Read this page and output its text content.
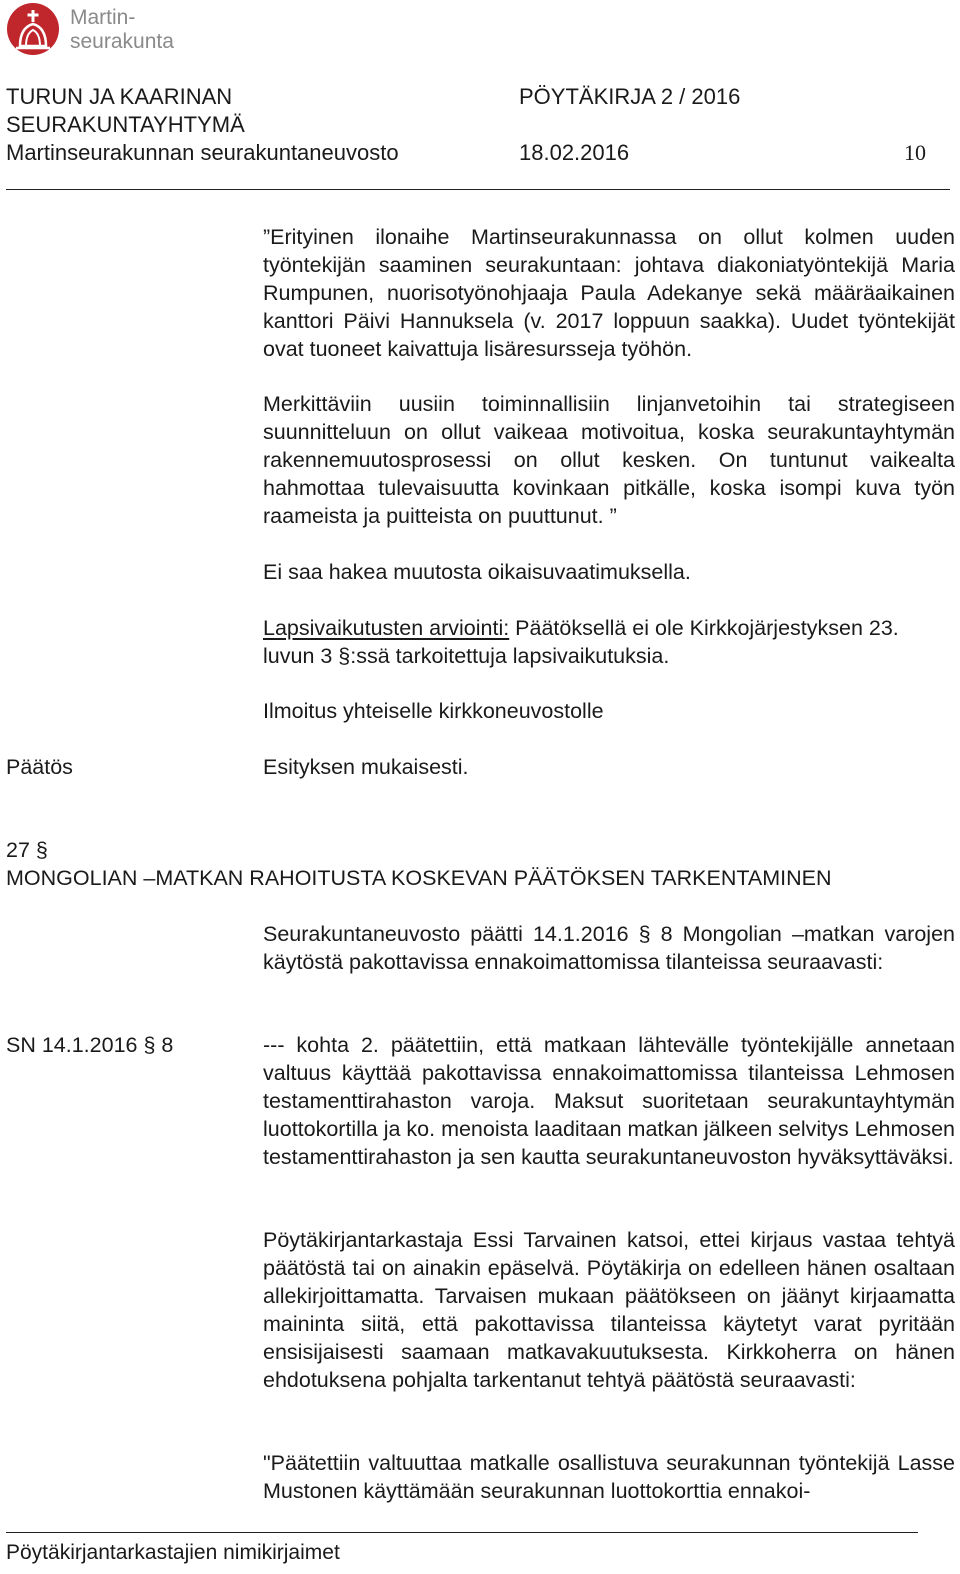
Martin-
seurakunta
TURUN JA KAARINAN
SEURAKUNTAYHTYMÄ
Martinseurakunnan seurakuntaneuvosto
PÖYTÄKIRJA 2 / 2016
18.02.2016	10
”Erityinen ilonaihe Martinseurakunnassa on ollut kolmen uuden työntekijän saaminen seurakuntaan: johtava diakoniatyöntekijä Maria Rumpunen, nuorisotyönohjaaja Paula Adekanye sekä määräaikainen kanttori Päivi Hannuksela (v. 2017 loppuun saakka). Uudet työntekijät ovat tuoneet kaivattuja lisäresursseja työhön.
Merkittäviin uusiin toiminnallisiin linjanvetoihin tai strategiseen suunnitteluun on ollut vaikeaa motivoitua, koska seurakuntayhtymän rakennemuutosprosessi on ollut kesken. On tuntunut vaikealta hahmottaa tulevaisuutta kovinkaan pitkälle, koska isompi kuva työn raameista ja puitteista on puuttunut. ”
Ei saa hakea muutosta oikaisuvaatimuksella.
Lapsivaikutusten arviointi: Päätöksellä ei ole Kirkkojärjestyksen 23. luvun 3 §:ssä tarkoitettuja lapsivaikutuksia.
Ilmoitus yhteiselle kirkkoneuvostolle
Päätös	Esityksen mukaisesti.
27 §
MONGOLIAN –MATKAN RAHOITUSTA KOSKEVAN PÄÄTÖKSEN TARKENTAMINEN
Seurakuntaneuvosto päätti 14.1.2016 § 8 Mongolian –matkan varojen käytöstä pakottavissa ennakoimattomissa tilanteissa seuraavasti:
SN 14.1.2016 § 8	--- kohta 2. päätettiin, että matkaan lähtevälle työntekijälle annetaan valtuus käyttää pakottavissa ennakoimattomissa tilanteissa Lehmosen testamenttirahaston varoja. Maksut suoritetaan seurakuntayhtymän luottokortilla ja ko. menoista laaditaan matkan jälkeen selvitys Lehmosen testamenttirahaston ja sen kautta seurakuntaneuvoston hyväksyttäväksi.
Pöytäkirjantarkastaja Essi Tarvainen katsoi, ettei kirjaus vastaa tehtyä päätöstä tai on ainakin epäselvä. Pöytäkirja on edelleen hänen osaltaan allekirjoittamatta. Tarvaisen mukaan päätökseen on jäänyt kirjaamatta maininta siitä, että pakottavissa tilanteissa käytetyt varat pyritään ensisijaisesti saamaan matkavakuutuksesta. Kirkkoherra on hänen ehdotuksena pohjalta tarkentanut tehtyä päätöstä seuraavasti:
"Päätettiin valtuuttaa matkalle osallistuva seurakunnan työntekijä Lasse Mustonen käyttämään seurakunnan luottokorttia ennakoi-
Pöytäkirjantarkastajien nimikirjaimet
